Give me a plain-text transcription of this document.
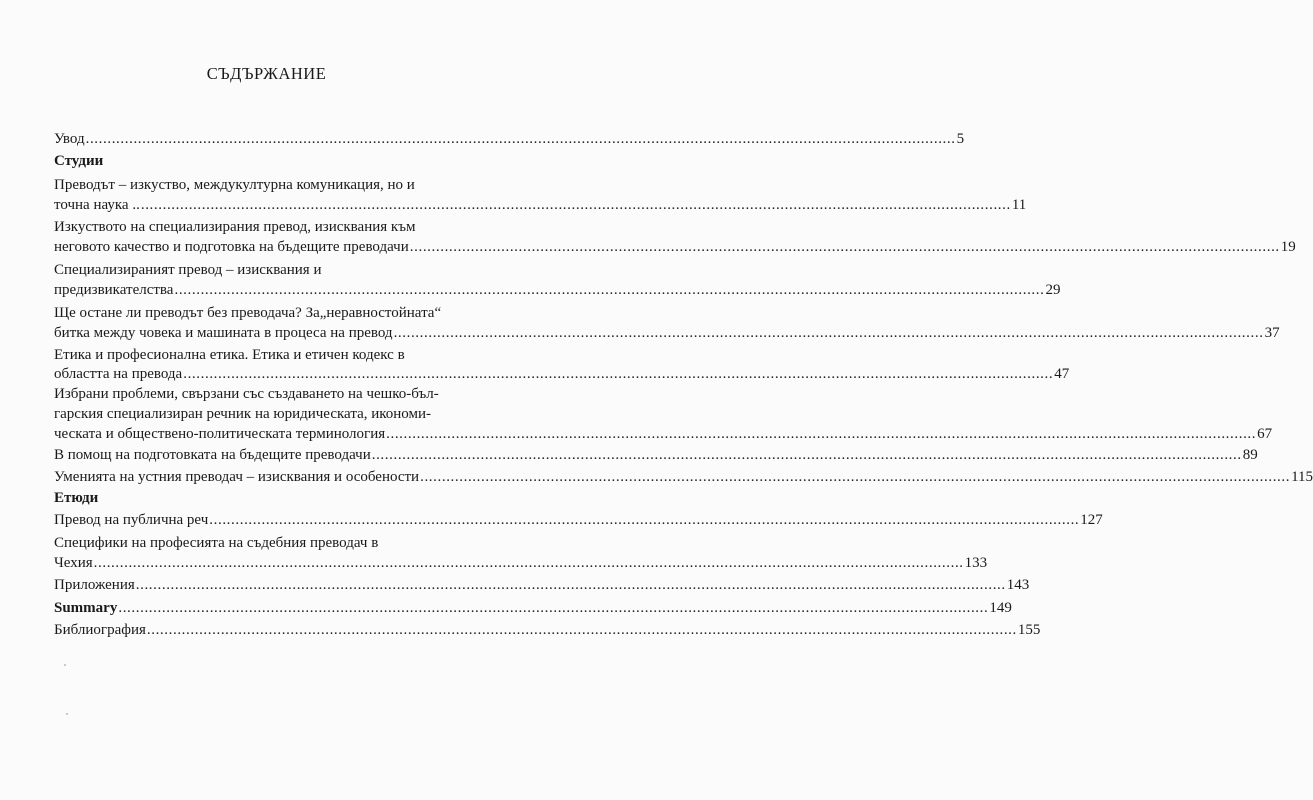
СЪДЪРЖАНИЕ
Увод ........................................................................................................................................................................................................ 5
Студии
Преводът – изкуство, междукултурна комуникация, но и
точна наука .. ........................................................................................................................................................................................................ 11
Изкуството на специализирания превод, изисквания към
неговото качество и подготовка на бъдещите преводачи ........................................................................................................................................................................................................ 19
Специализираният превод – изисквания и
предизвикателства ........................................................................................................................................................................................................ 29
Ще остане ли преводът без преводача? За„неравностойната“
битка между човека и машината в процеса на превод ........................................................................................................................................................................................................ 37
Етика и професионална етика. Етика и етичен кодекс в
областта на превода ........................................................................................................................................................................................................ 47
Избрани проблеми, свързани със създаването на чешко-бъл-
гарския специализиран речник на юридическата, икономи-
ческата и обществено-политическата терминология ........................................................................................................................................................................................................ 67
В помощ на подготовката на бъдещите преводачи ........................................................................................................................................................................................................ 89
Уменията на устния преводач – изисквания и особености ........................................................................................................................................................................................................ 115
Етюди
Превод на публична реч ........................................................................................................................................................................................................ 127
Специфики на професията на съдебния преводач в
Чехия ........................................................................................................................................................................................................ 133
Приложения ........................................................................................................................................................................................................ 143
Summary ........................................................................................................................................................................................................ 149
Библиография ........................................................................................................................................................................................................ 155
